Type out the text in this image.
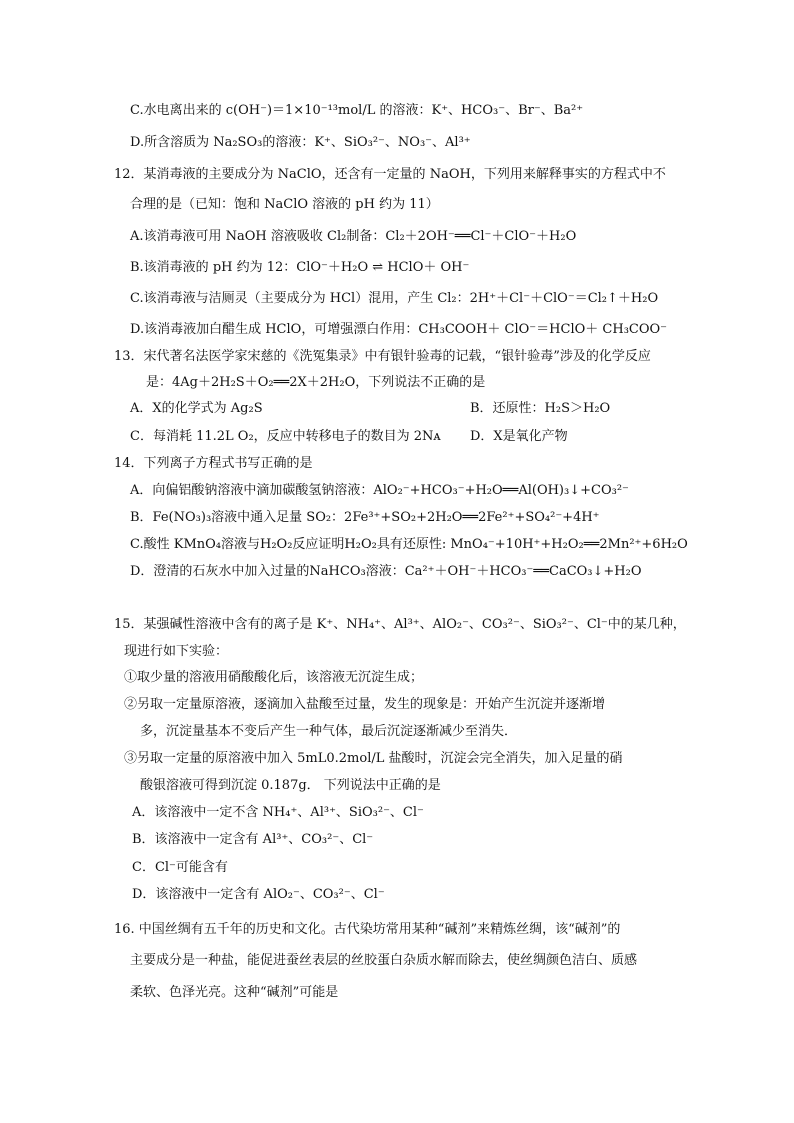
C.水电离出来的 c(OH⁻)＝1×10⁻¹³mol/L 的溶液：K⁺、HCO₃⁻、Br⁻、Ba²⁺
D.所含溶质为 Na₂SO₃的溶液：K⁺、SiO₃²⁻、NO₃⁻、Al³⁺
12．某消毒液的主要成分为 NaClO，还含有一定量的 NaOH，下列用来解释事实的方程式中不
合理的是（已知：饱和 NaClO 溶液的 pH 约为 11）
A.该消毒液可用 NaOH 溶液吸收 Cl₂制备：Cl₂＋2OH⁻══Cl⁻＋ClO⁻＋H₂O
B.该消毒液的 pH 约为 12：ClO⁻＋H₂O ⇌ HClO＋ OH⁻
C.该消毒液与洁厕灵（主要成分为 HCl）混用，产生 Cl₂：2H⁺＋Cl⁻＋ClO⁻＝Cl₂↑＋H₂O
D.该消毒液加白醋生成 HClO，可增强漂白作用：CH₃COOH＋ ClO⁻＝HClO＋ CH₃COO⁻
13．宋代著名法医学家宋慈的《洗冤集录》中有银针验毒的记载，“银针验毒”涉及的化学反应
是：4Ag＋2H₂S＋O₂══2X＋2H₂O，下列说法不正确的是
A．X的化学式为 Ag₂S	B．还原性：H₂S＞H₂O
C．每消耗 11.2L O₂，反应中转移电子的数目为 2Nᴀ D．X是氧化产物
14．下列离子方程式书写正确的是
A．向偏铝酸钠溶液中滴加碳酸氢钠溶液：AlO₂⁻+HCO₃⁻+H₂O══Al(OH)₃↓+CO₃²⁻
B．Fe(NO₃)₃溶液中通入足量 SO₂：2Fe³⁺+SO₂+2H₂O══2Fe²⁺+SO₄²⁻+4H⁺
C.酸性 KMnO₄溶液与H₂O₂反应证明H₂O₂具有还原性: MnO₄⁻+10H⁺+H₂O₂══2Mn²⁺+6H₂O
D．澄清的石灰水中加入过量的NaHCO₃溶液：Ca²⁺＋OH⁻＋HCO₃⁻══CaCO₃↓+H₂O
15．某强碱性溶液中含有的离子是 K⁺、NH₄⁺、Al³⁺、AlO₂⁻、CO₃²⁻、SiO₃²⁻、Cl⁻中的某几种，
现进行如下实验：
①取少量的溶液用硝酸酸化后，该溶液无沉淀生成；
②另取一定量原溶液，逐滴加入盐酸至过量，发生的现象是：开始产生沉淀并逐渐增
多，沉淀量基本不变后产生一种气体，最后沉淀逐渐减少至消失．
③另取一定量的原溶液中加入 5mL0.2mol/L 盐酸时，沉淀会完全消失，加入足量的硝
酸银溶液可得到沉淀 0.187g． 下列说法中正确的是
A．该溶液中一定不含 NH₄⁺、Al³⁺、SiO₃²⁻、Cl⁻
B．该溶液中一定含有 Al³⁺、CO₃²⁻、Cl⁻
C．Cl⁻可能含有
D．该溶液中一定含有 AlO₂⁻、CO₃²⁻、Cl⁻
16. 中国丝绸有五千年的历史和文化。古代染坊常用某种“碱剂”来精炼丝绸，该“碱剂”的
主要成分是一种盐，能促进蚕丝表层的丝胶蛋白杂质水解而除去，使丝绸颜色洁白、质感
柔软、色泽光亮。这种“碱剂”可能是
